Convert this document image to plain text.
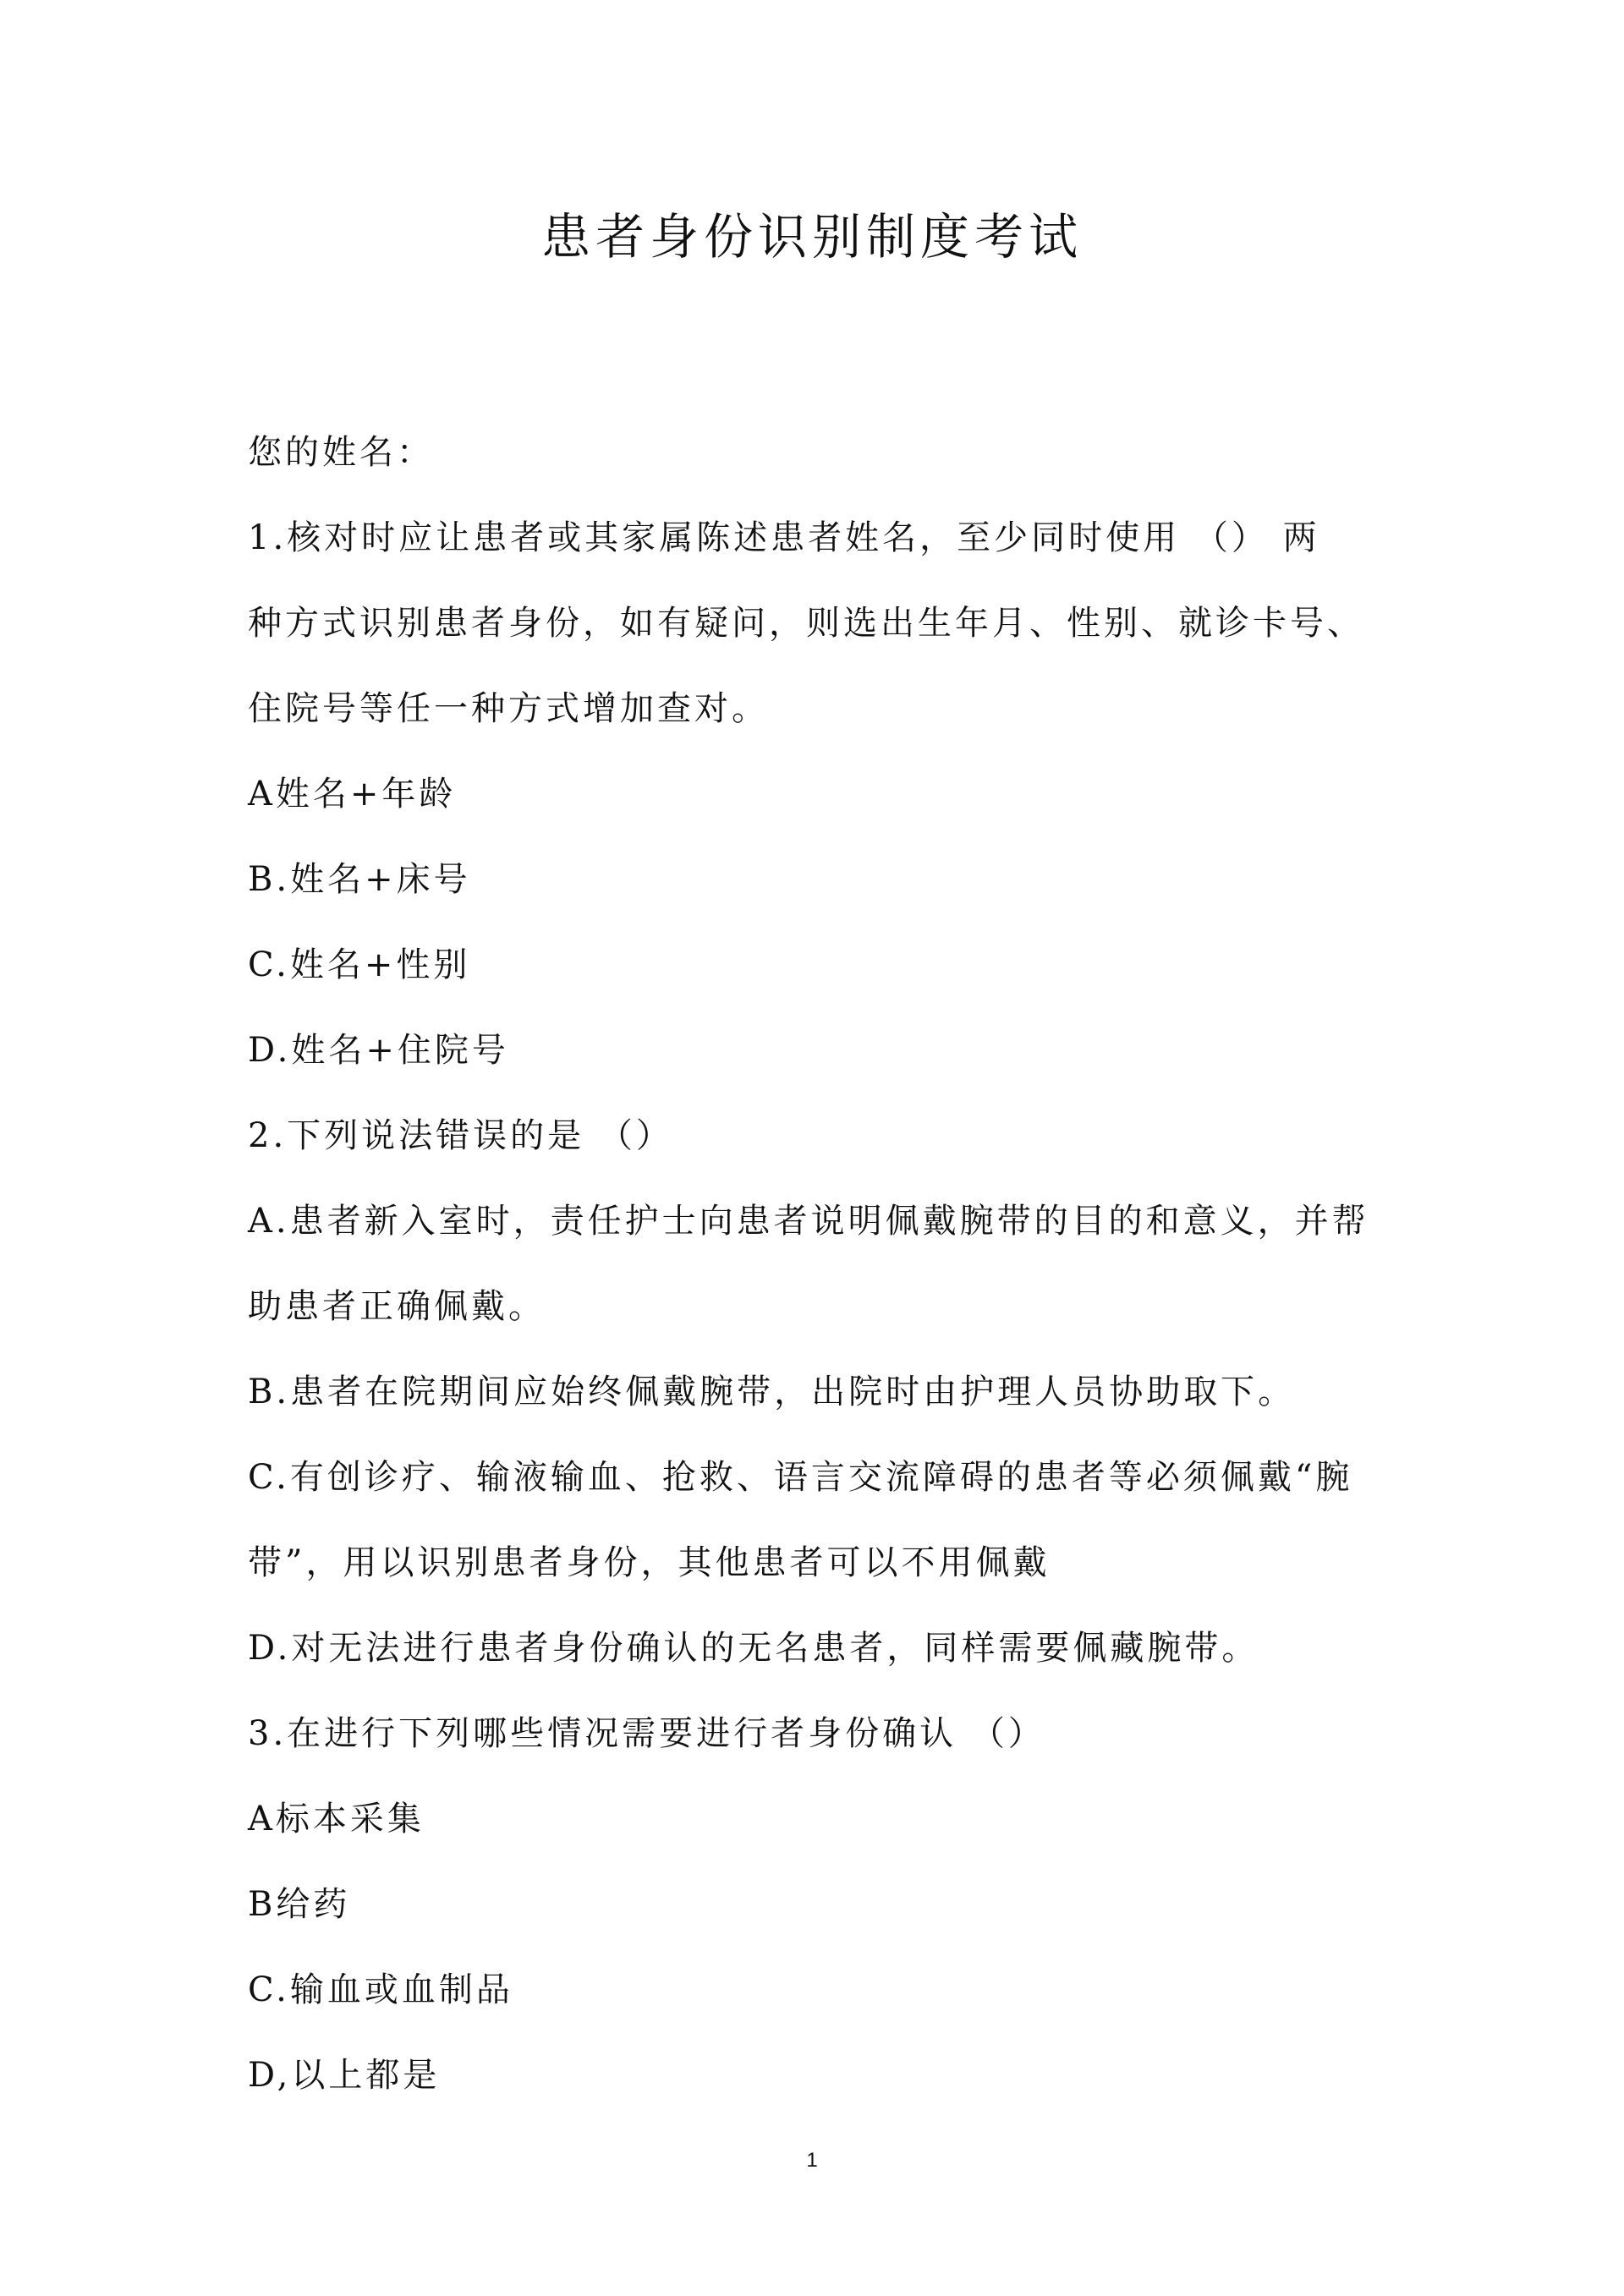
患者身份识别制度考试
您的姓名：
1.核对时应让患者或其家属陈述患者姓名，至少同时使用 （） 两
种方式识别患者身份，如有疑问，则选出生年月、性别、就诊卡号、
住院号等任一种方式增加查对。
A姓名+年龄
B.姓名+床号
C.姓名+性别
D.姓名+住院号
2.下列说法错误的是 （）
A.患者新入室时，责任护士向患者说明佩戴腕带的目的和意义，并帮
助患者正确佩戴。
B.患者在院期间应始终佩戴腕带，出院时由护理人员协助取下。
C.有创诊疗、输液输血、抢救、语言交流障碍的患者等必须佩戴“腕
带”，用以识别患者身份，其他患者可以不用佩戴
D.对无法进行患者身份确认的无名患者，同样需要佩藏腕带。
3.在进行下列哪些情况需要进行者身份确认 （）
A标本采集
B给药
C.输血或血制品
D,以上都是
1
